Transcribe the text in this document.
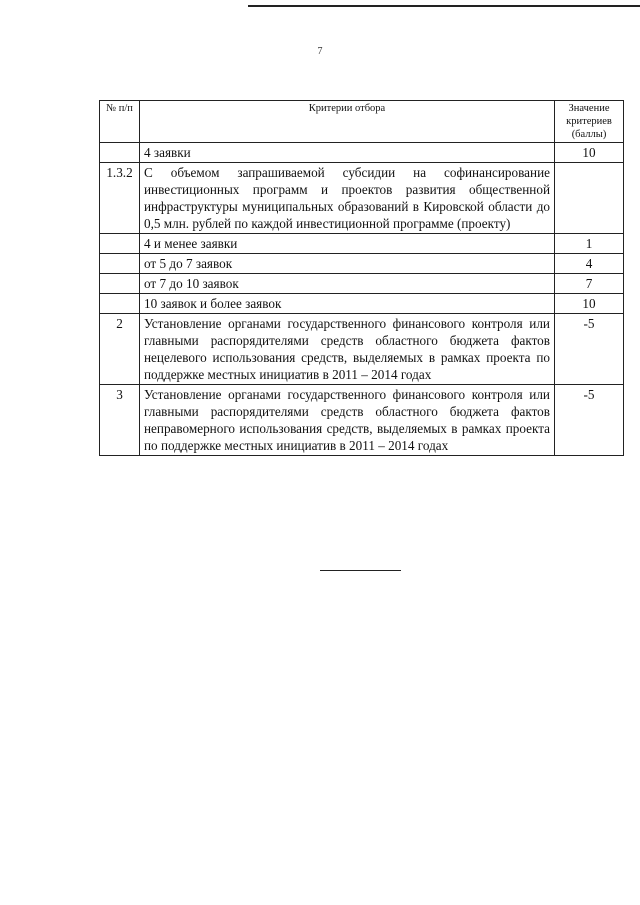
7
№ п/п	Критерии отбора	Значение критериев (баллы)
	4 заявки	10
1.3.2	С объемом запрашиваемой субсидии на софинансирование инвестиционных программ и проектов развития общественной инфраструктуры муниципальных образований в Кировской области до 0,5 млн. рублей по каждой инвестиционной программе (проекту)	
	4 и менее заявки	1
	от 5 до 7 заявок	4
	от 7 до 10 заявок	7
	10 заявок и более заявок	10
2	Установление органами государственного финансового контроля или главными распорядителями средств областного бюджета фактов нецелевого использования средств, выделяемых в рамках проекта по поддержке местных инициатив в 2011 – 2014 годах	-5
3	Установление органами государственного финансового контроля или главными распорядителями средств областного бюджета фактов неправомерного использования средств, выделяемых в рамках проекта по поддержке местных инициатив в 2011 – 2014 годах	-5
